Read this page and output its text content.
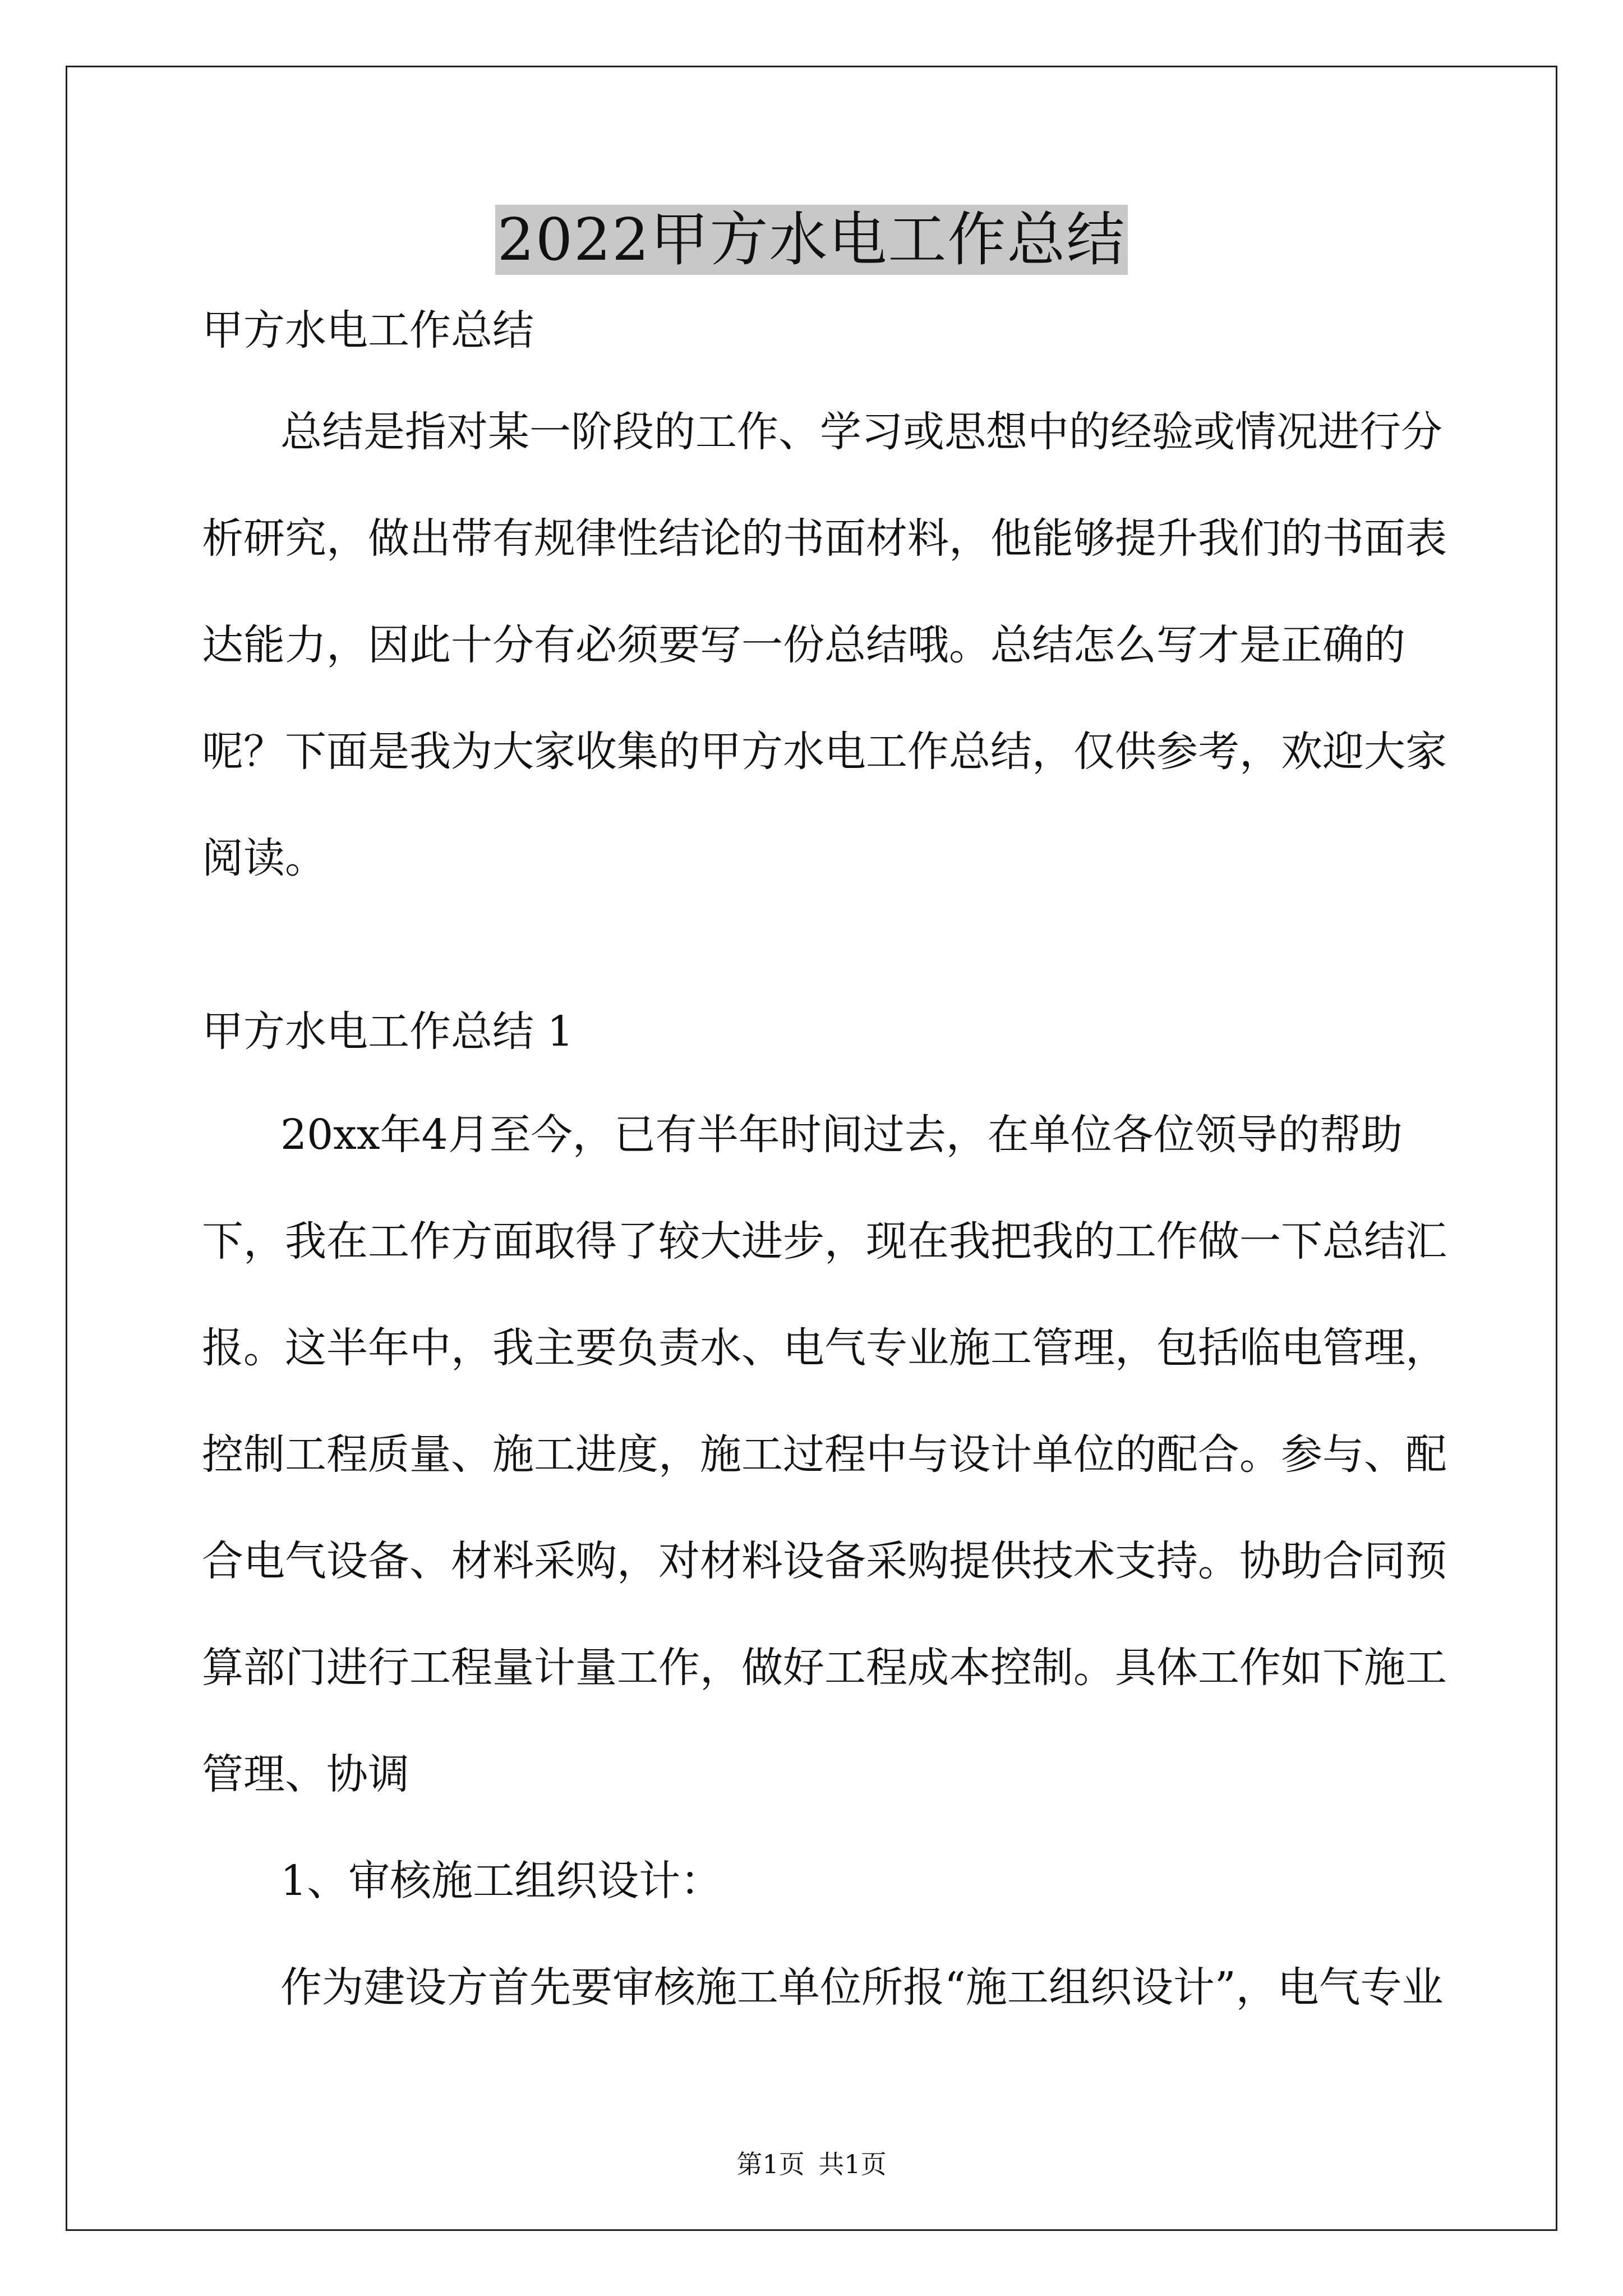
2022甲方水电工作总结
甲方水电工作总结

总结是指对某一阶段的工作、学习或思想中的经验或情况进行分析研究，做出带有规律性结论的书面材料，他能够提升我们的书面表达能力，因此十分有必须要写一份总结哦。总结怎么写才是正确的呢？下面是我为大家收集的甲方水电工作总结，仅供参考，欢迎大家阅读。

甲方水电工作总结 1

20xx年4月至今，已有半年时间过去，在单位各位领导的帮助下，我在工作方面取得了较大进步，现在我把我的工作做一下总结汇报。这半年中，我主要负责水、电气专业施工管理，包括临电管理，控制工程质量、施工进度，施工过程中与设计单位的配合。参与、配合电气设备、材料采购，对材料设备采购提供技术支持。协助合同预算部门进行工程量计量工作，做好工程成本控制。具体工作如下施工管理、协调

1、审核施工组织设计：

作为建设方首先要审核施工单位所报“施工组织设计”，电气专业

第1页 共1页
